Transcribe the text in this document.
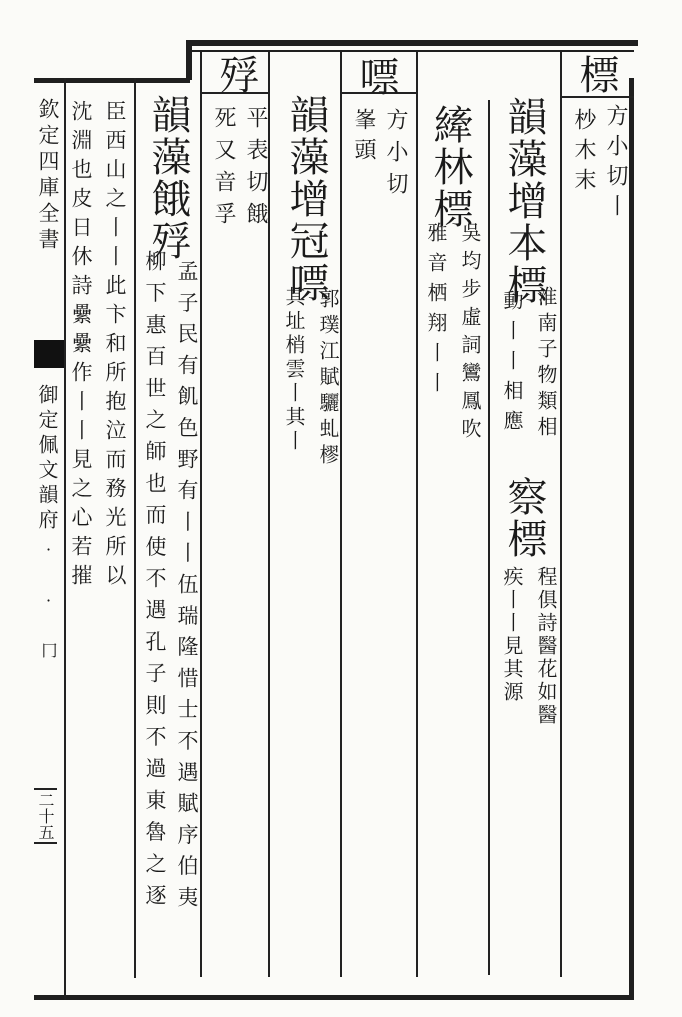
欽定四庫全書
御定佩文韻府
·　·　冂
二十五
標
方小切丨
杪木末
韻藻增本標
淮南子物類相
動丨丨相應
察標
程俱詩醫花如醫
疾丨丨見其源
縴林標
吳均步虛詞鸞鳳吹
雅音栖翔丨丨
嘌
方小切
峯頭
韻藻增冠嘌
郭璞江賦驪虬樛
其址梢雲丨其丨
殍
平表切餓
死又音孚
韻藻餓殍
孟子民有飢色野有丨丨伍瑞隆惜士不遇賦序伯夷
柳下惠百世之師也而使不遇孔子則不過東魯之逐
臣西山之丨丨此卞和所抱泣而務光所以
沈淵也皮日休詩纍纍作丨丨見之心若摧
